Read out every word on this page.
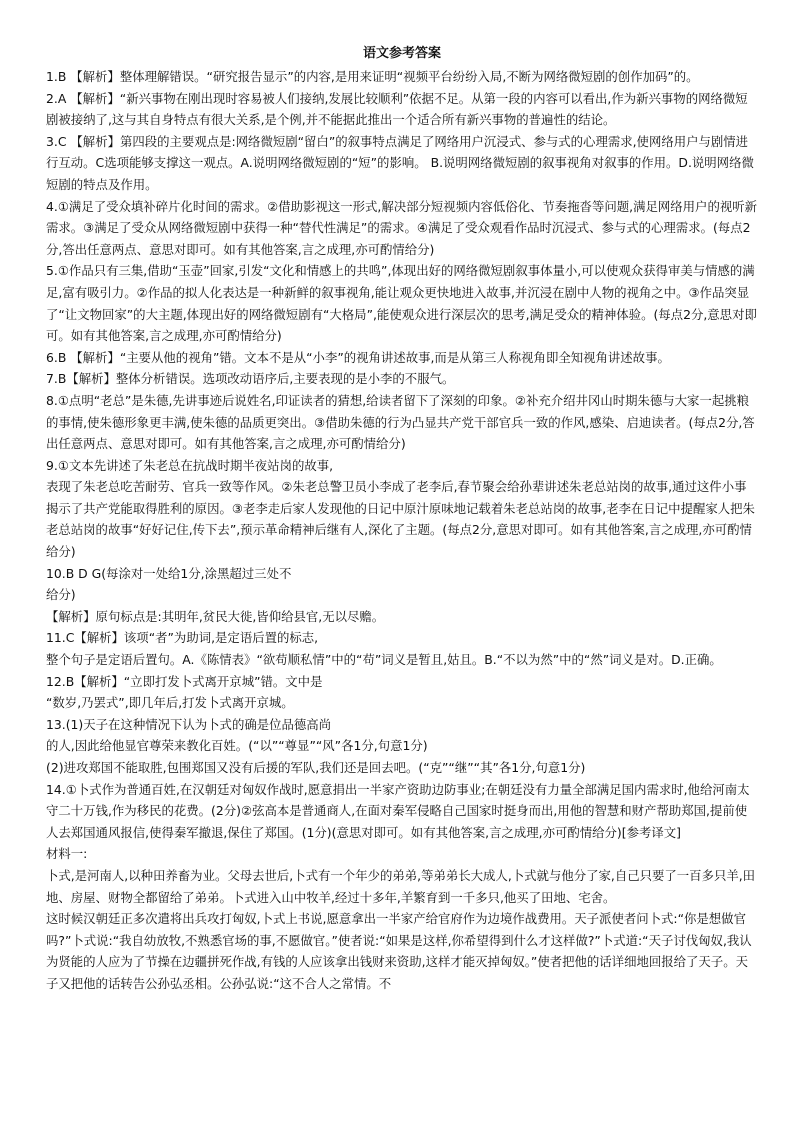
语文参考答案

1.B 【解析】整体理解错误。“研究报告显示”的内容,是用来证明“视频平台纷纷入局,不断为网络微短剧的创作加码”的。

2.A 【解析】“新兴事物在刚出现时容易被人们接纳,发展比较顺利”依据不足。从第一段的内容可以看出,作为新兴事物的网络微短剧被接纳了,这与其自身特点有很大关系,是个例,并不能据此推出一个适合所有新兴事物的普遍性的结论。

3.C 【解析】第四段的主要观点是:网络微短剧“留白”的叙事特点满足了网络用户沉浸式、参与式的心理需求,使网络用户与剧情进行互动。C选项能够支撑这一观点。A.说明网络微短剧的“短”的影响。 B.说明网络微短剧的叙事视角对叙事的作用。D.说明网络微短剧的特点及作用。

4.①满足了受众填补碎片化时间的需求。②借助影视这一形式,解决部分短视频内容低俗化、节奏拖沓等问题,满足网络用户的视听新需求。③满足了受众从网络微短剧中获得一种“替代性满足”的需求。④满足了受众观看作品时沉浸式、参与式的心理需求。(每点2分,答出任意两点、意思对即可。如有其他答案,言之成理,亦可酌情给分)

5.①作品只有三集,借助“玉壶”回家,引发“文化和情感上的共鸣”,体现出好的网络微短剧叙事体量小,可以使观众获得审美与情感的满足,富有吸引力。②作品的拟人化表达是一种新鲜的叙事视角,能让观众更快地进入故事,并沉浸在剧中人物的视角之中。③作品突显了“让文物回家”的大主题,体现出好的网络微短剧有“大格局”,能使观众进行深层次的思考,满足受众的精神体验。(每点2分,意思对即可。如有其他答案,言之成理,亦可酌情给分)

6.B 【解析】“主要从他的视角”错。文本不是从“小李”的视角讲述故事,而是从第三人称视角即全知视角讲述故事。

7.B【解析】整体分析错误。选项改动语序后,主要表现的是小李的不服气。

8.①点明“老总”是朱德,先讲事迹后说姓名,印证读者的猜想,给读者留下了深刻的印象。②补充介绍井冈山时期朱德与大家一起挑粮的事情,使朱德形象更丰满,使朱德的品质更突出。③借助朱德的行为凸显共产党干部官兵一致的作风,感染、启迪读者。(每点2分,答出任意两点、意思对即可。如有其他答案,言之成理,亦可酌情给分)

9.①文本先讲述了朱老总在抗战时期半夜站岗的故事,

表现了朱老总吃苦耐劳、官兵一致等作风。②朱老总警卫员小李成了老李后,春节聚会给孙辈讲述朱老总站岗的故事,通过这件小事揭示了共产党能取得胜利的原因。③老李走后家人发现他的日记中原汁原味地记载着朱老总站岗的故事,老李在日记中提醒家人把朱老总站岗的故事“好好记住,传下去”,预示革命精神后继有人,深化了主题。(每点2分,意思对即可。如有其他答案,言之成理,亦可酌情给分)

10.B D G(每涂对一处给1分,涂黑超过三处不

给分)

【解析】原句标点是:其明年,贫民大徙,皆仰给县官,无以尽赡。

11.C【解析】该项“者”为助词,是定语后置的标志,

整个句子是定语后置句。A.《陈情表》“欲苟顺私情”中的“苟”词义是暂且,姑且。B.“不以为然”中的“然”词义是对。D.正确。

12.B【解析】“立即打发卜式离开京城”错。文中是

“数岁,乃罢式”,即几年后,打发卜式离开京城。

13.(1)天子在这种情况下认为卜式的确是位品德高尚

的人,因此给他显官尊荣来教化百姓。(“以”“尊显”“风”各1分,句意1分)

(2)进攻郑国不能取胜,包围郑国又没有后援的军队,我们还是回去吧。(“克”“继”“其”各1分,句意1分)

14.①卜式作为普通百姓,在汉朝廷对匈奴作战时,愿意捐出一半家产资助边防事业;在朝廷没有力量全部满足国内需求时,他给河南太守二十万钱,作为移民的花费。(2分)②弦高本是普通商人,在面对秦军侵略自己国家时挺身而出,用他的智慧和财产帮助郑国,提前使人去郑国通风报信,使得秦军撤退,保住了郑国。(1分)(意思对即可。如有其他答案,言之成理,亦可酌情给分)[参考译文]

材料一:

卜式,是河南人,以种田养畜为业。父母去世后,卜式有一个年少的弟弟,等弟弟长大成人,卜式就与他分了家,自己只要了一百多只羊,田地、房屋、财物全都留给了弟弟。卜式进入山中牧羊,经过十多年,羊繁育到一千多只,他买了田地、宅舍。

这时候汉朝廷正多次遣将出兵攻打匈奴,卜式上书说,愿意拿出一半家产给官府作为边境作战费用。天子派使者问卜式:“你是想做官吗?”卜式说:“我自幼放牧,不熟悉官场的事,不愿做官。”使者说:“如果是这样,你希望得到什么才这样做?”卜式道:“天子讨伐匈奴,我认为贤能的人应为了节操在边疆拼死作战,有钱的人应该拿出钱财来资助,这样才能灭掉匈奴。”使者把他的话详细地回报给了天子。天子又把他的话转告公孙弘丞相。公孙弘说:“这不合人之常情。不
